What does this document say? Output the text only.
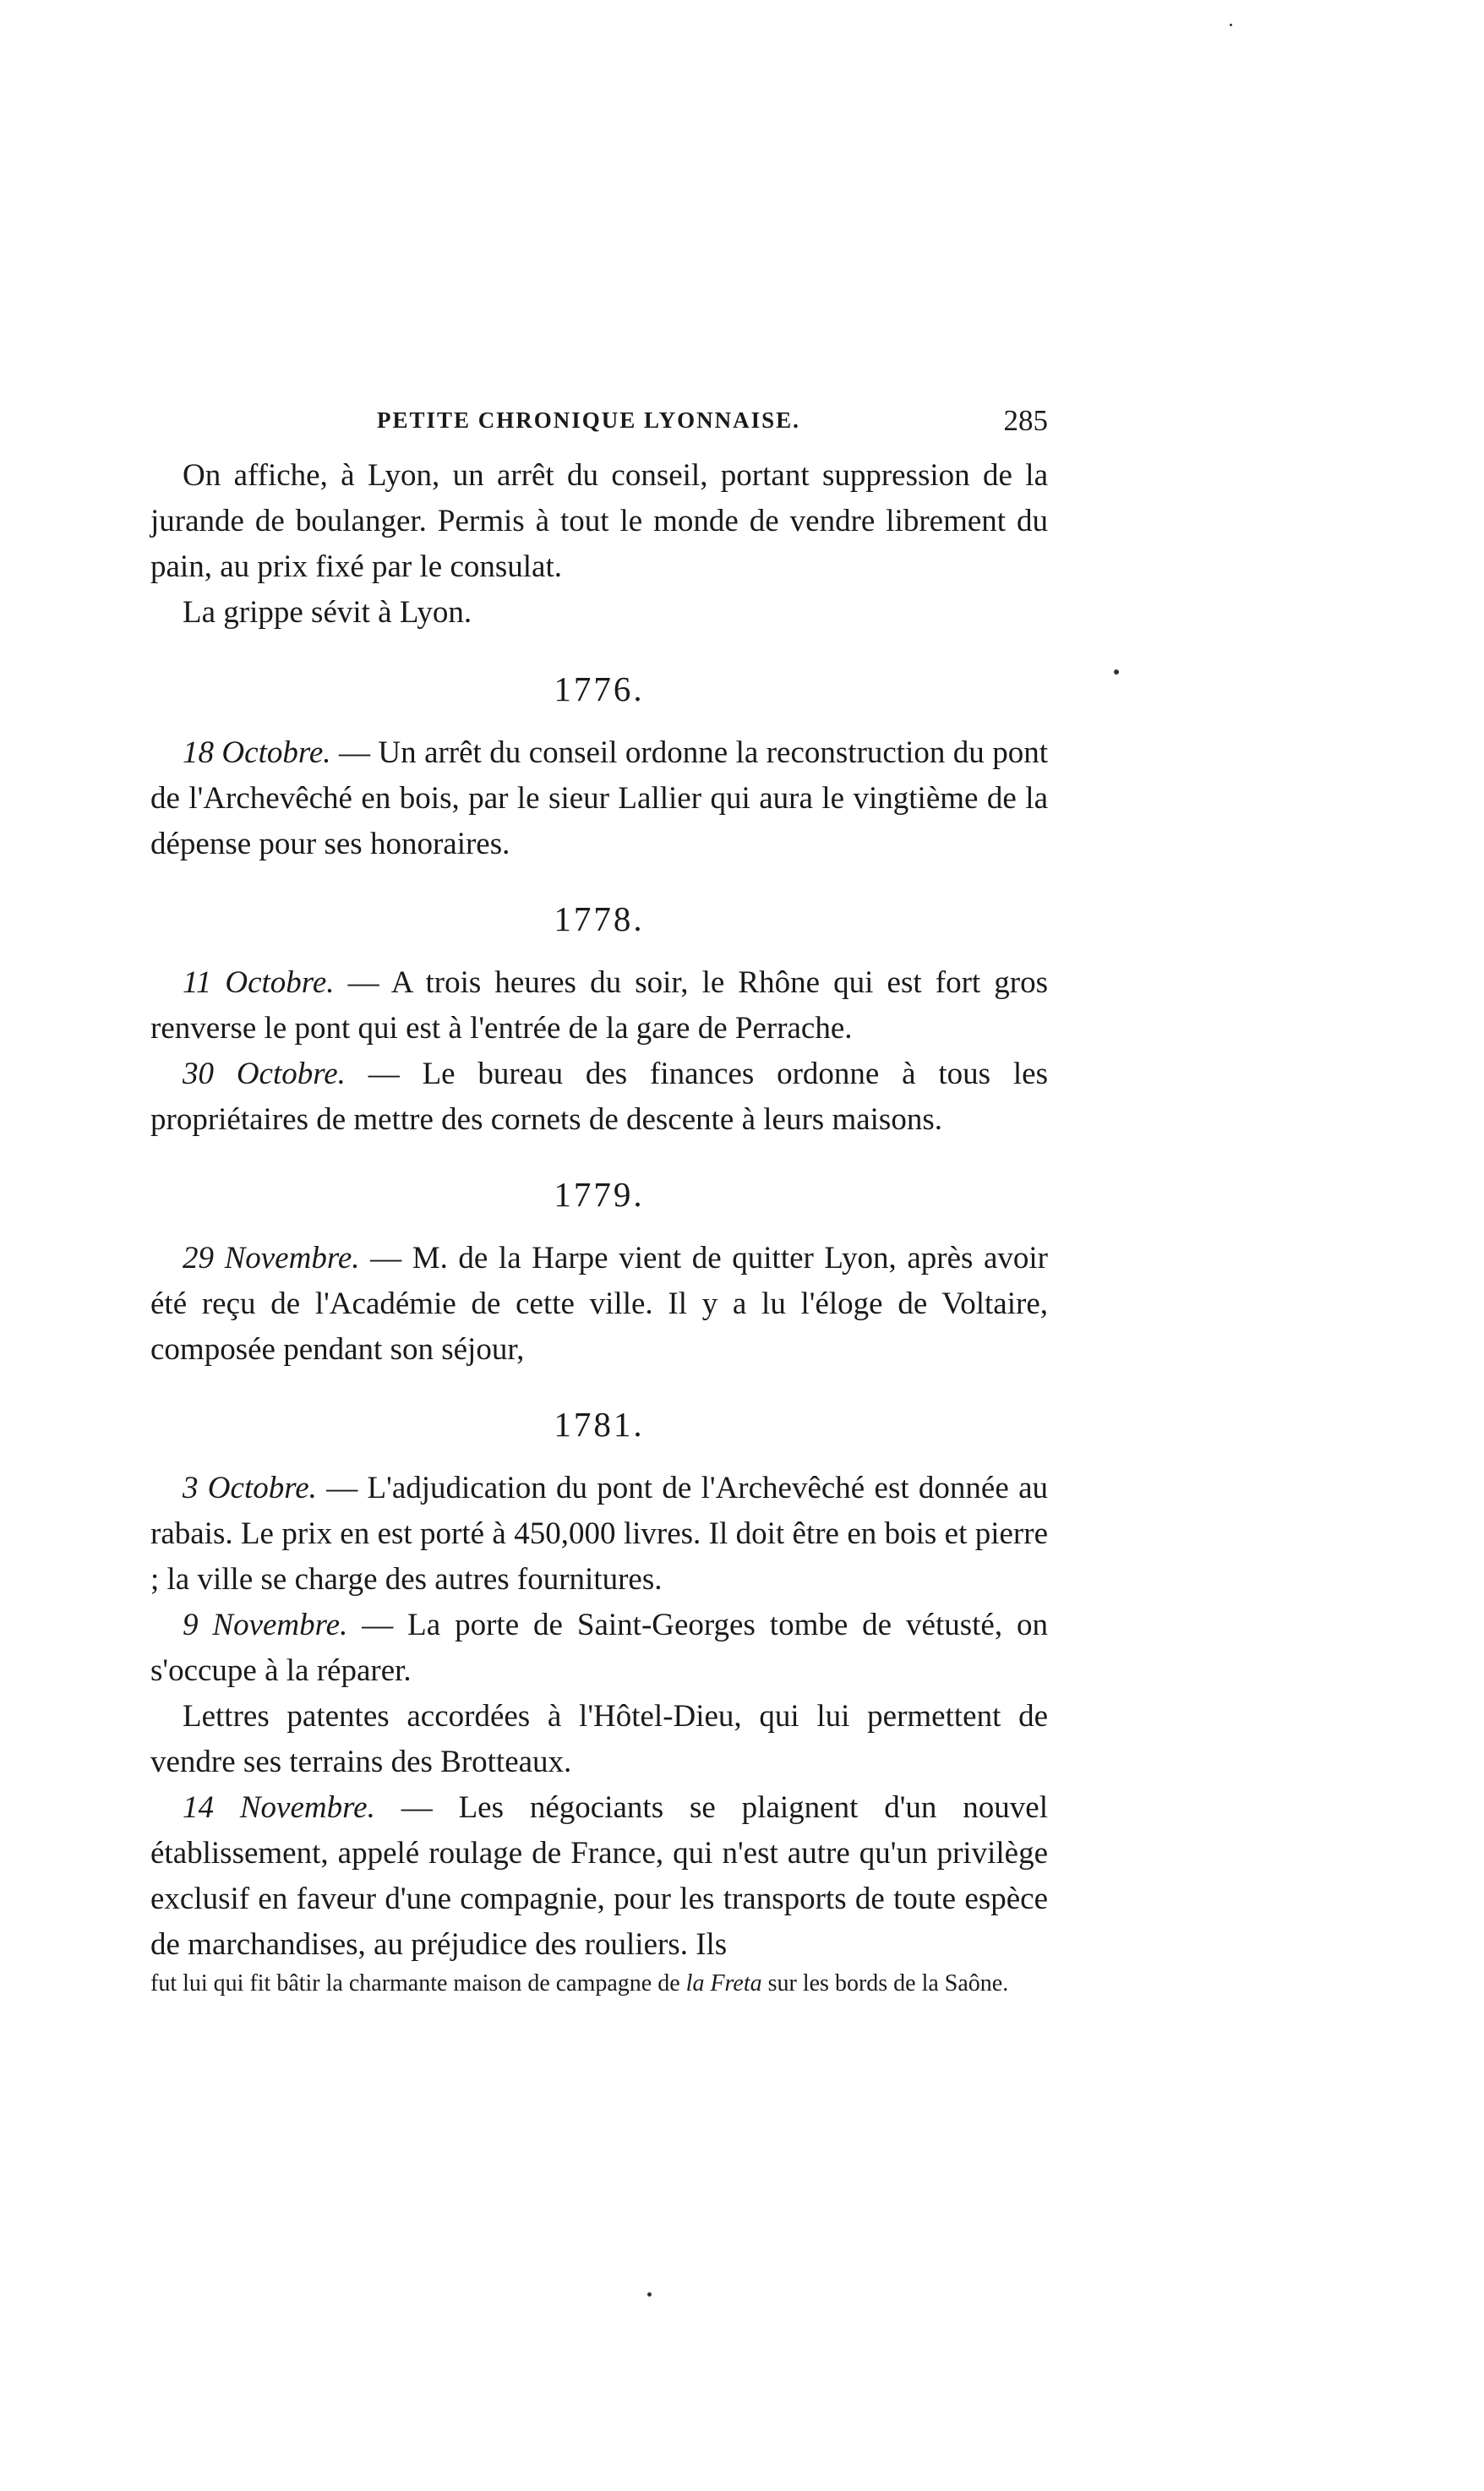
PETITE CHRONIQUE LYONNAISE.	285

On affiche, à Lyon, un arrêt du conseil, portant suppression de la jurande de boulanger. Permis à tout le monde de vendre librement du pain, au prix fixé par le consulat.

La grippe sévit à Lyon.

1776.

18 Octobre. — Un arrêt du conseil ordonne la reconstruction du pont de l'Archevêché en bois, par le sieur Lallier qui aura le vingtième de la dépense pour ses honoraires.

1778.

11 Octobre. — A trois heures du soir, le Rhône qui est fort gros renverse le pont qui est à l'entrée de la gare de Perrache.

30 Octobre. — Le bureau des finances ordonne à tous les propriétaires de mettre des cornets de descente à leurs maisons.

1779.

29 Novembre. — M. de la Harpe vient de quitter Lyon, après avoir été reçu de l'Académie de cette ville. Il y a lu l'éloge de Voltaire, composée pendant son séjour,

1781.

3 Octobre. — L'adjudication du pont de l'Archevêché est donnée au rabais. Le prix en est porté à 450,000 livres. Il doit être en bois et pierre ; la ville se charge des autres fournitures.

9 Novembre. — La porte de Saint-Georges tombe de vétusté, on s'occupe à la réparer.

Lettres patentes accordées à l'Hôtel-Dieu, qui lui permettent de vendre ses terrains des Brotteaux.

14 Novembre. — Les négociants se plaignent d'un nouvel établissement, appelé roulage de France, qui n'est autre qu'un privilège exclusif en faveur d'une compagnie, pour les transports de toute espèce de marchandises, au préjudice des rouliers. Ils

fut lui qui fit bâtir la charmante maison de campagne de la Freta sur les bords de la Saône.
